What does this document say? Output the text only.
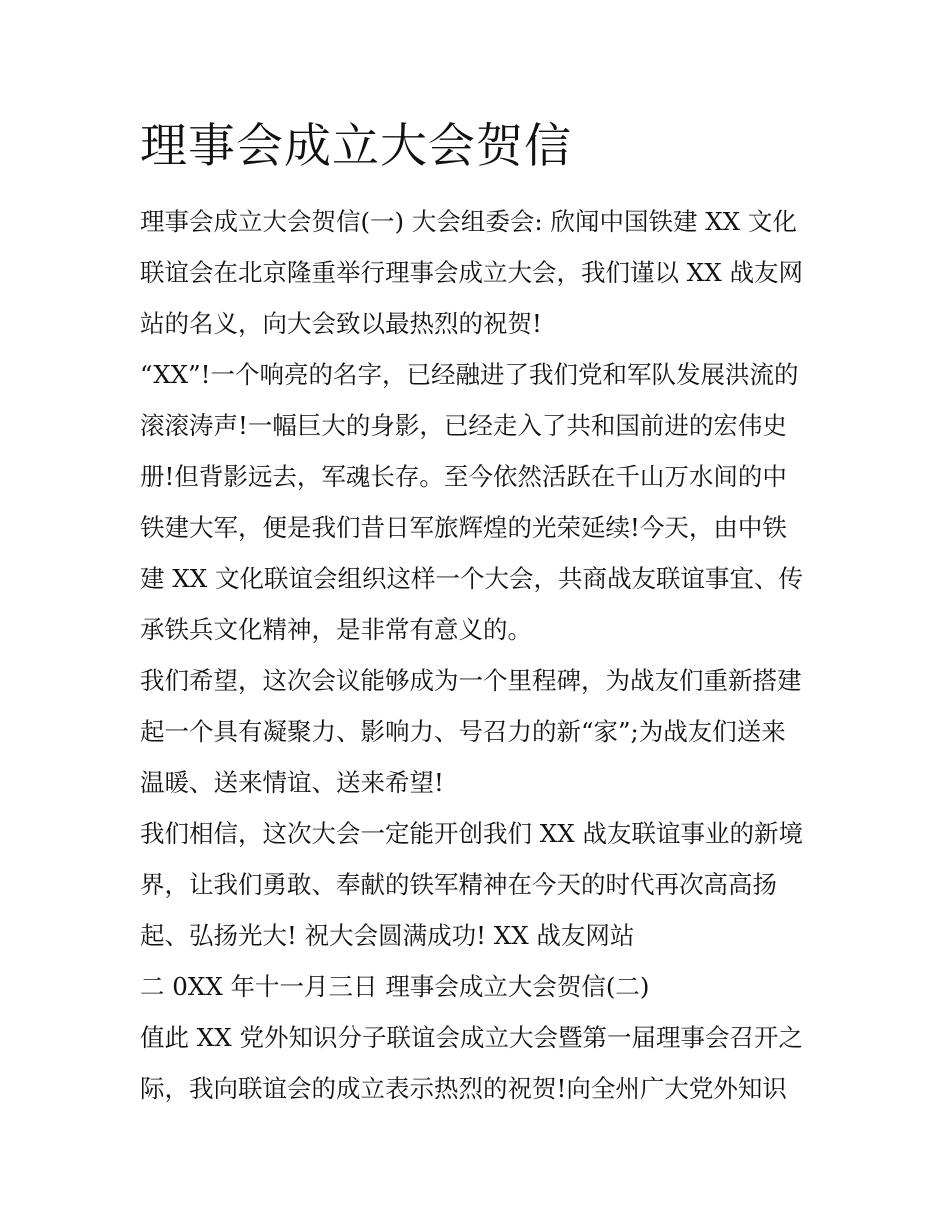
理事会成立大会贺信
理事会成立大会贺信(一) 大会组委会: 欣闻中国铁建 XX 文化
联谊会在北京隆重举行理事会成立大会，我们谨以 XX 战友网
站的名义，向大会致以最热烈的祝贺!
“XX”!一个响亮的名字，已经融进了我们党和军队发展洪流的
滚滚涛声!一幅巨大的身影，已经走入了共和国前进的宏伟史
册!但背影远去，军魂长存。至今依然活跃在千山万水间的中
铁建大军，便是我们昔日军旅辉煌的光荣延续!今天，由中铁
建 XX 文化联谊会组织这样一个大会，共商战友联谊事宜、传
承铁兵文化精神，是非常有意义的。
我们希望，这次会议能够成为一个里程碑，为战友们重新搭建
起一个具有凝聚力、影响力、号召力的新“家”;为战友们送来
温暖、送来情谊、送来希望!
我们相信，这次大会一定能开创我们 XX 战友联谊事业的新境
界，让我们勇敢、奉献的铁军精神在今天的时代再次高高扬
起、弘扬光大! 祝大会圆满成功! XX 战友网站
二 0XX 年十一月三日 理事会成立大会贺信(二)
值此 XX 党外知识分子联谊会成立大会暨第一届理事会召开之
际，我向联谊会的成立表示热烈的祝贺!向全州广大党外知识
